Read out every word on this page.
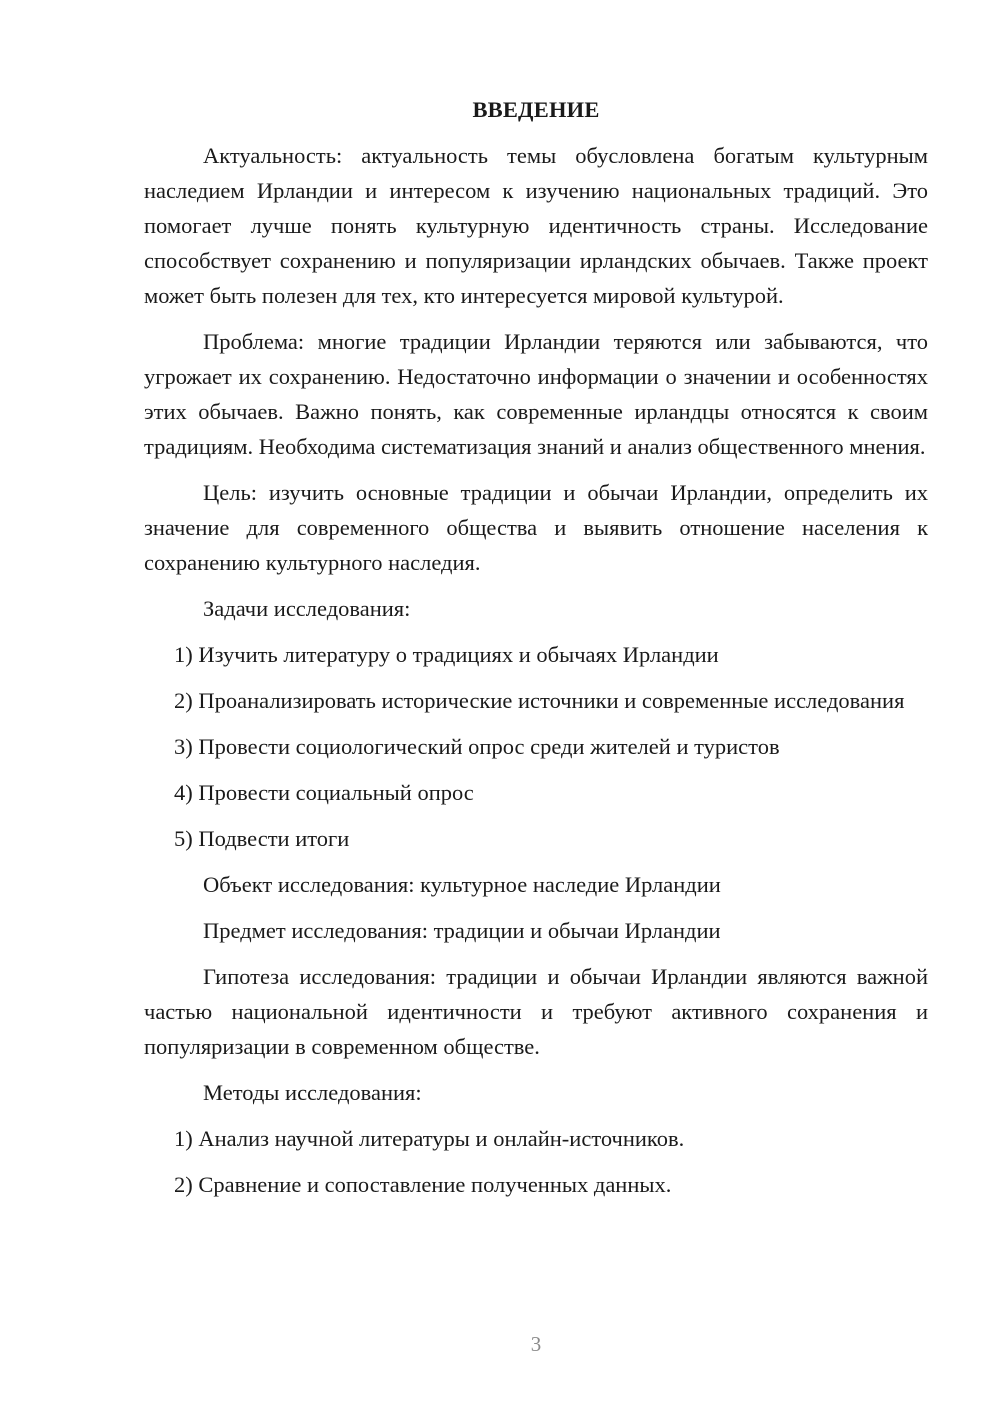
ВВЕДЕНИЕ

Актуальность: актуальность темы обусловлена богатым культурным наследием Ирландии и интересом к изучению национальных традиций. Это помогает лучше понять культурную идентичность страны. Исследование способствует сохранению и популяризации ирландских обычаев. Также проект может быть полезен для тех, кто интересуется мировой культурой.

Проблема: многие традиции Ирландии теряются или забываются, что угрожает их сохранению. Недостаточно информации о значении и особенностях этих обычаев. Важно понять, как современные ирландцы относятся к своим традициям. Необходима систематизация знаний и анализ общественного мнения.

Цель: изучить основные традиции и обычаи Ирландии, определить их значение для современного общества и выявить отношение населения к сохранению культурного наследия.

Задачи исследования:

1) Изучить литературу о традициях и обычаях Ирландии

2) Проанализировать исторические источники и современные исследования

3) Провести социологический опрос среди жителей и туристов

4) Провести социальный опрос

5) Подвести итоги

Объект исследования: культурное наследие Ирландии

Предмет исследования: традиции и обычаи Ирландии

Гипотеза исследования: традиции и обычаи Ирландии являются важной частью национальной идентичности и требуют активного сохранения и популяризации в современном обществе.

Методы исследования:

1) Анализ научной литературы и онлайн-источников.

2) Сравнение и сопоставление полученных данных.

3
